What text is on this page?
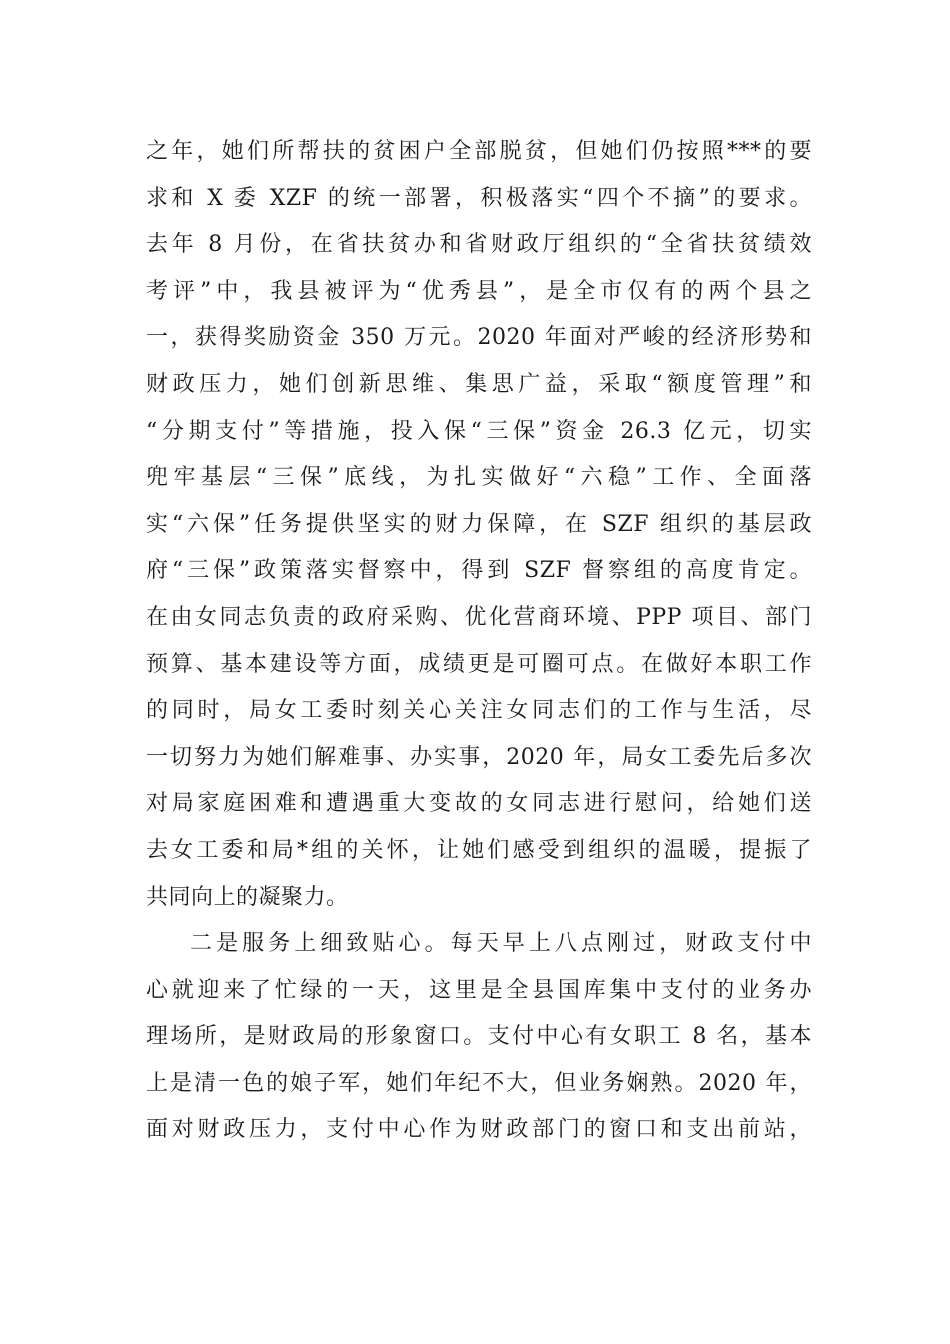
之年，她们所帮扶的贫困户全部脱贫，但她们仍按照***的要
求和 X 委 XZF 的统一部署，积极落实“四个不摘”的要求。
去年 8 月份，在省扶贫办和省财政厅组织的“全省扶贫绩效
考评”中，我县被评为“优秀县”，是全市仅有的两个县之
一，获得奖励资金 350 万元。2020 年面对严峻的经济形势和
财政压力，她们创新思维、集思广益，采取“额度管理”和
“分期支付”等措施，投入保“三保”资金 26.3 亿元，切实
兜牢基层“三保”底线，为扎实做好“六稳”工作、全面落
实“六保”任务提供坚实的财力保障，在 SZF 组织的基层政
府“三保”政策落实督察中，得到 SZF 督察组的高度肯定。
在由女同志负责的政府采购、优化营商环境、PPP 项目、部门
预算、基本建设等方面，成绩更是可圈可点。在做好本职工作
的同时，局女工委时刻关心关注女同志们的工作与生活，尽
一切努力为她们解难事、办实事，2020 年，局女工委先后多次
对局家庭困难和遭遇重大变故的女同志进行慰问，给她们送
去女工委和局*组的关怀，让她们感受到组织的温暖，提振了
共同向上的凝聚力。
二是服务上细致贴心。每天早上八点刚过，财政支付中
心就迎来了忙绿的一天，这里是全县国库集中支付的业务办
理场所，是财政局的形象窗口。支付中心有女职工 8 名，基本
上是清一色的娘子军，她们年纪不大，但业务娴熟。2020 年，
面对财政压力，支付中心作为财政部门的窗口和支出前站，
